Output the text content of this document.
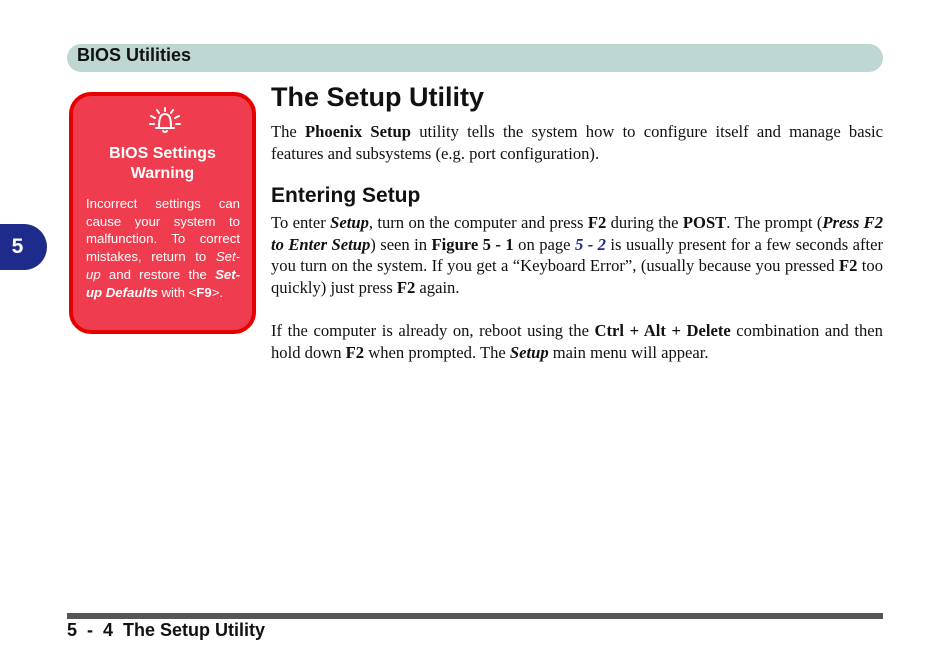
BIOS Utilities
5
BIOS Settings
Warning
Incorrect settings can
cause your system to
malfunction. To correct
mistakes, return to Set-
up and restore the Set-
up Defaults with <F9>.
The Setup Utility

The Phoenix Setup utility tells the system how to configure itself and manage basic features and subsystems (e.g. port configuration).

Entering Setup

To enter Setup, turn on the computer and press F2 during the POST. The prompt (Press F2 to Enter Setup) seen in Figure 5 - 1 on page 5 - 2 is usually present for a few seconds after you turn on the system. If you get a “Keyboard Error”, (usually because you pressed F2 too quickly) just press F2 again.

If the computer is already on, reboot using the Ctrl + Alt + Delete combination and then hold down F2 when prompted. The Setup main menu will appear.

5  -  4  The Setup Utility
